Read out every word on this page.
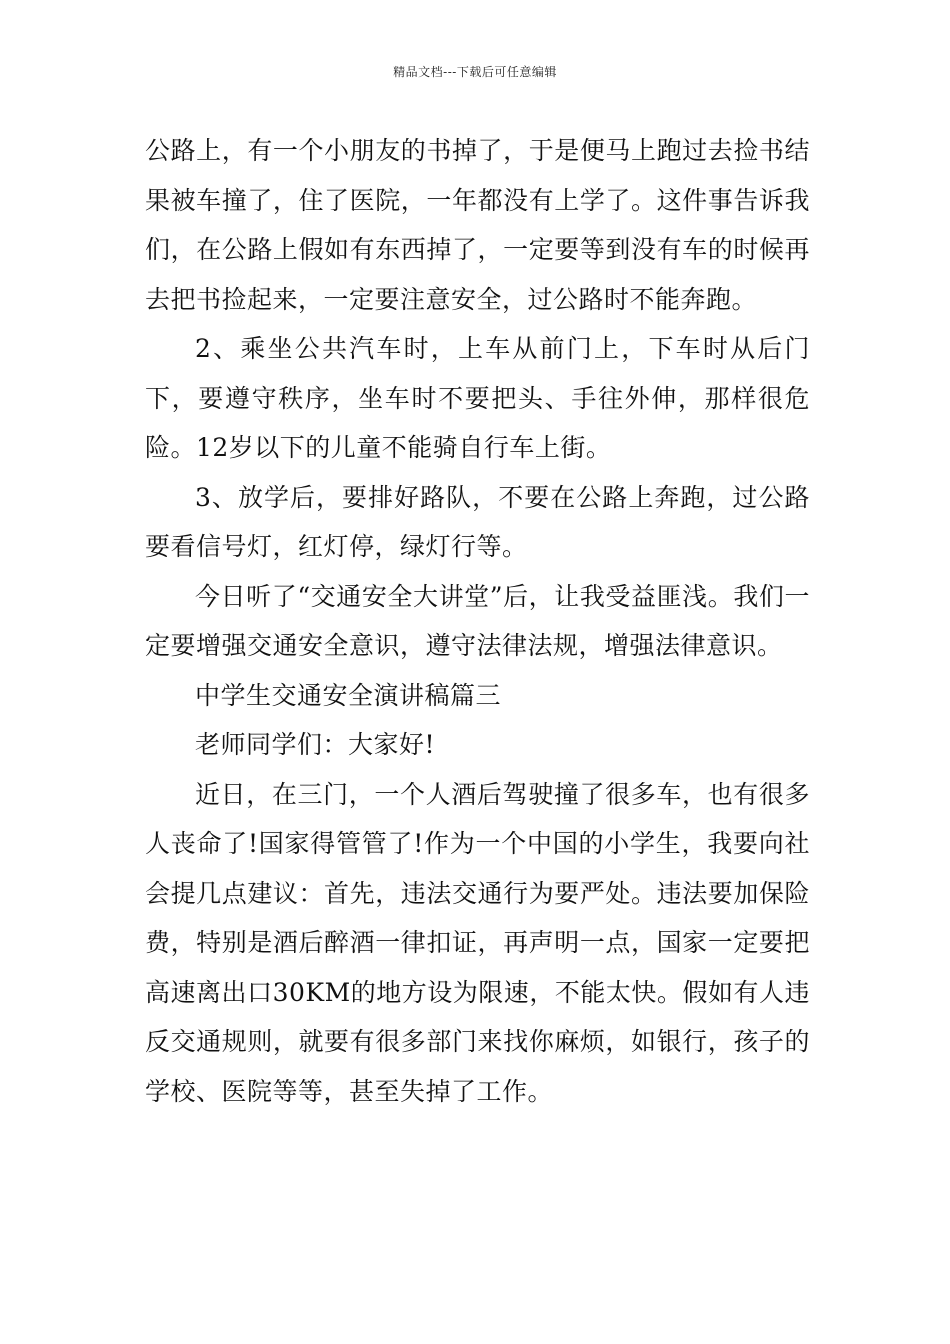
精品文档---下载后可任意编辑

公路上，有一个小朋友的书掉了，于是便马上跑过去捡书结果被车撞了，住了医院，一年都没有上学了。这件事告诉我们，在公路上假如有东西掉了，一定要等到没有车的时候再去把书捡起来，一定要注意安全，过公路时不能奔跑。

2、乘坐公共汽车时，上车从前门上，下车时从后门下，要遵守秩序，坐车时不要把头、手往外伸，那样很危险。12岁以下的儿童不能骑自行车上街。

3、放学后，要排好路队，不要在公路上奔跑，过公路要看信号灯，红灯停，绿灯行等。

今日听了“交通安全大讲堂”后，让我受益匪浅。我们一定要增强交通安全意识，遵守法律法规，增强法律意识。

中学生交通安全演讲稿篇三

老师同学们：大家好!

近日，在三门，一个人酒后驾驶撞了很多车，也有很多人丧命了!国家得管管了!作为一个中国的小学生，我要向社会提几点建议：首先，违法交通行为要严处。违法要加保险费，特别是酒后醉酒一律扣证，再声明一点，国家一定要把高速离出口30KM的地方设为限速，不能太快。假如有人违反交通规则，就要有很多部门来找你麻烦，如银行，孩子的学校、医院等等，甚至失掉了工作。
